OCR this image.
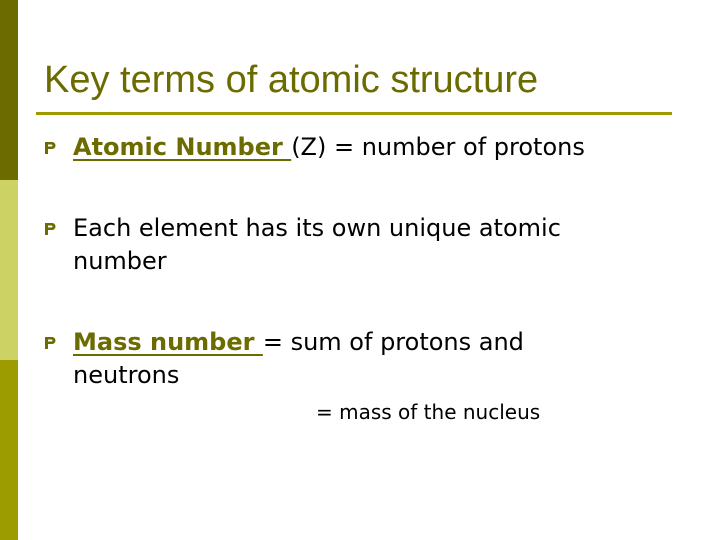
Key terms of atomic structure
Atomic Number (Z) = number of protons
Each element has its own unique atomic number
Mass number = sum of protons and neutrons
= mass of the nucleus
